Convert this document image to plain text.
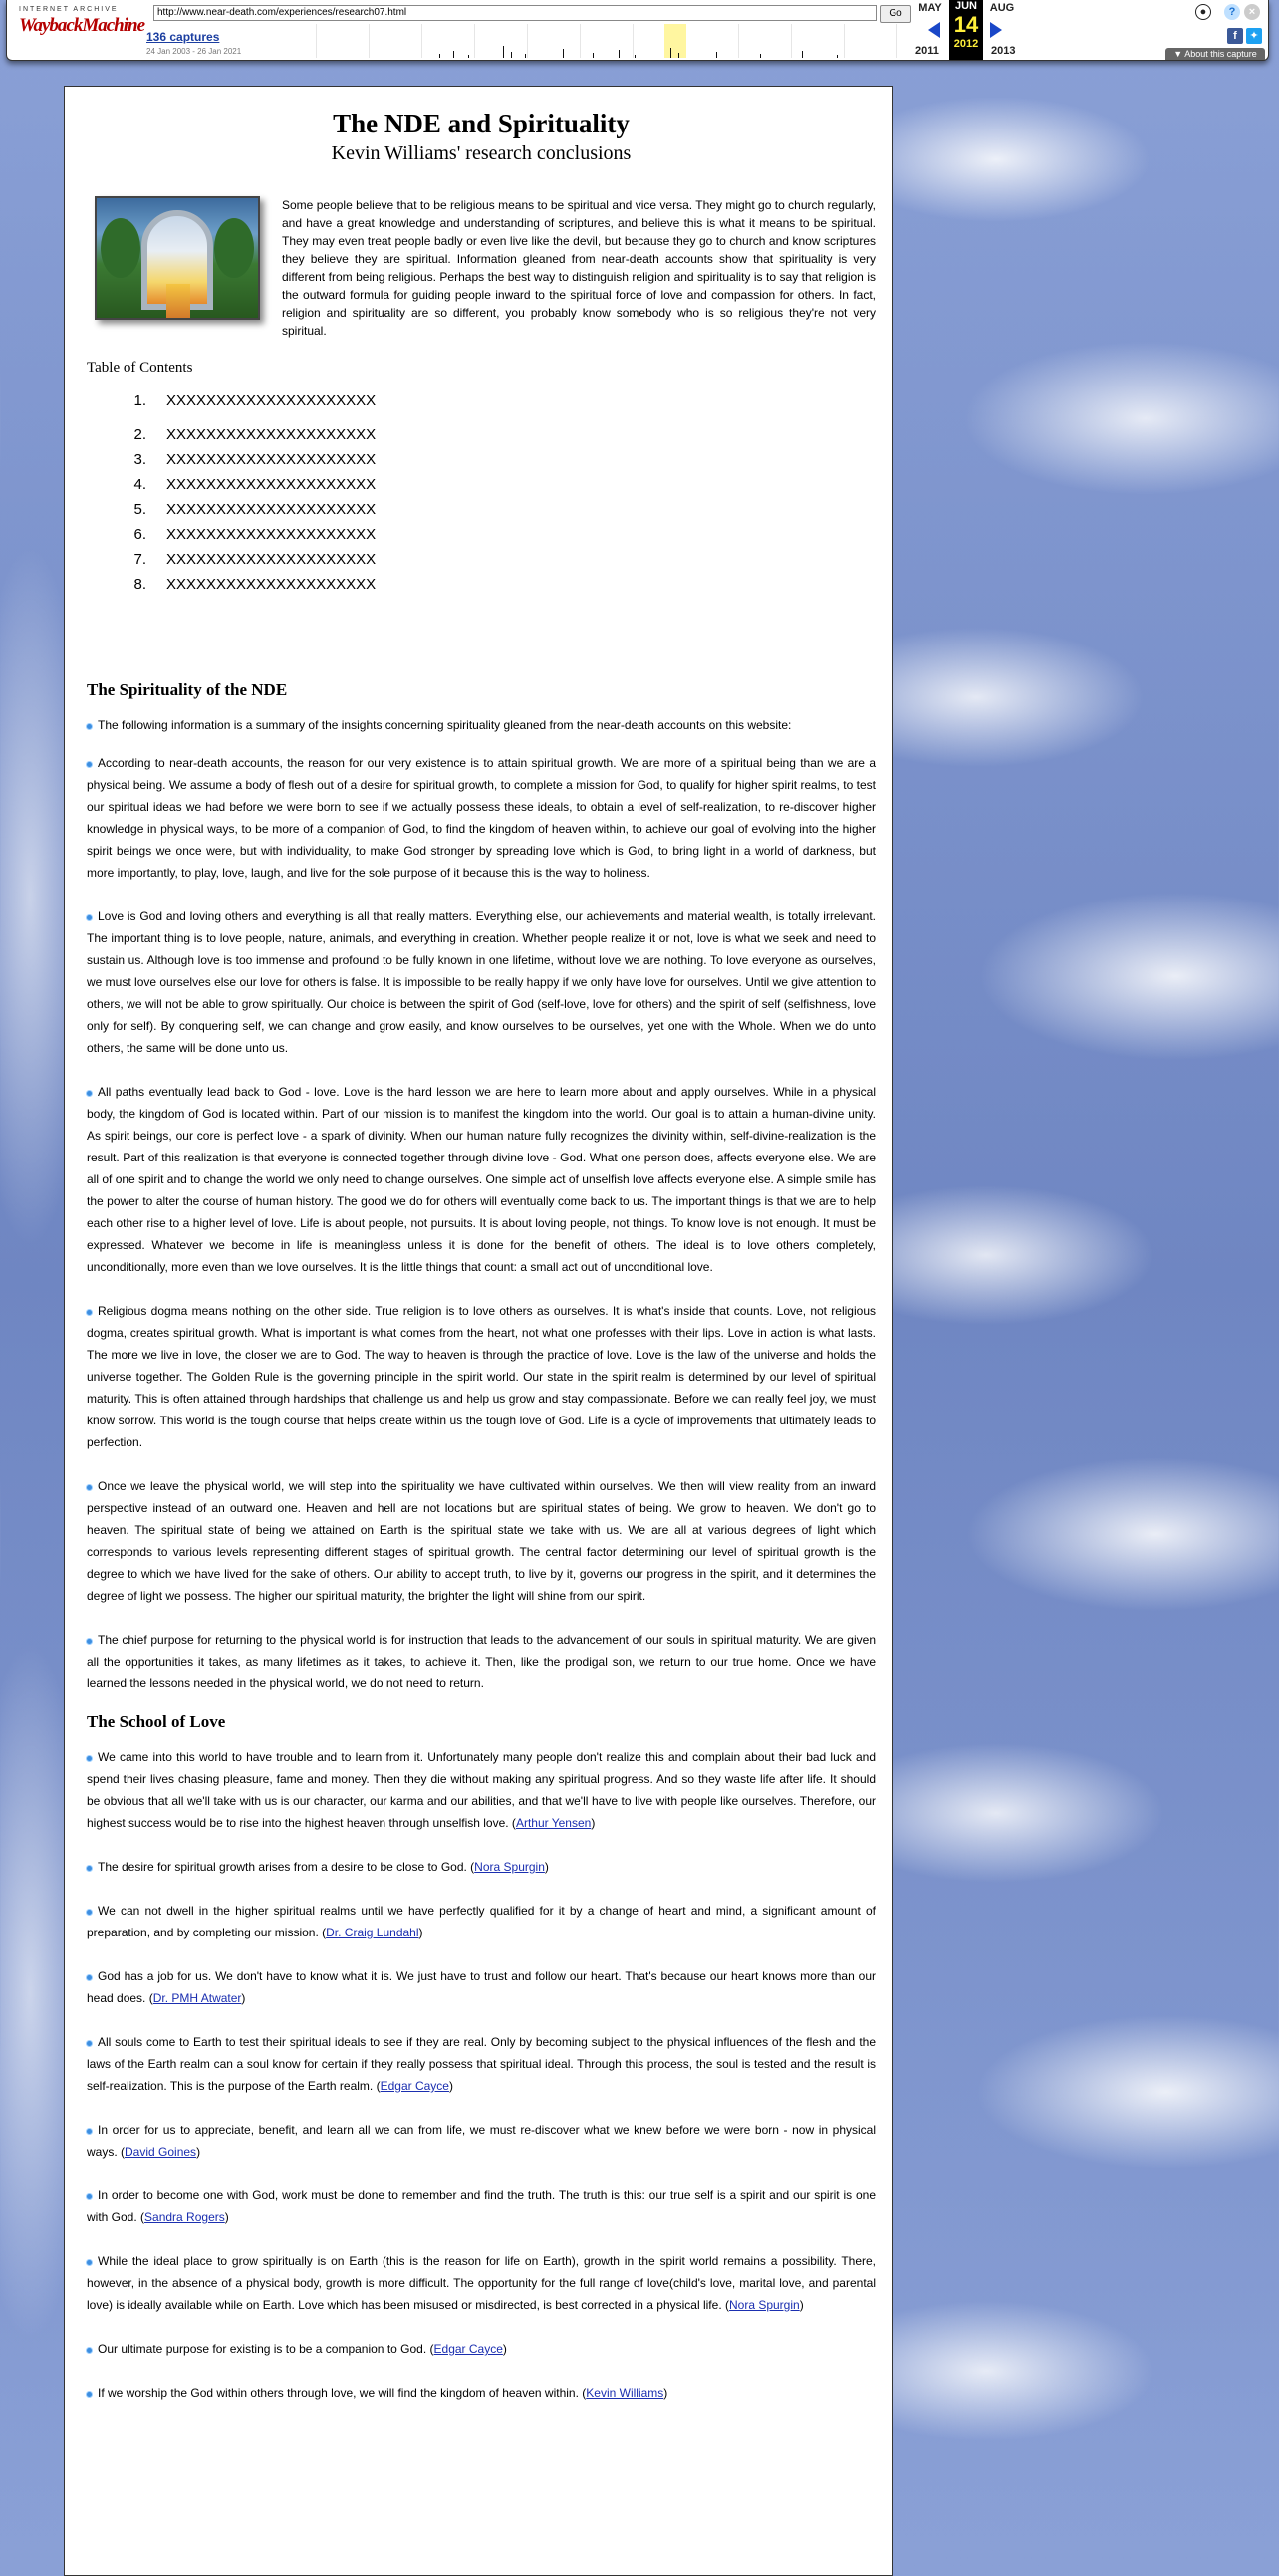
INTERNET ARCHIVE
WaybackMachine
http://www.near-death.com/experiences/research07.html	Go
136 captures
24 Jan 2003 - 26 Jan 2021
MAY	JUN
14
2012
AUG
2011	2013
●	?	×
f	✦
▼ About this capture
The NDE and Spirituality
Kevin Williams' research conclusions
Some people believe that to be religious means to be spiritual and vice versa. They might go to church regularly, and have a great knowledge and understanding of scriptures, and believe this is what it means to be spiritual. They may even treat people badly or even live like the devil, but because they go to church and know scriptures they believe they are spiritual. Information gleaned from near-death accounts show that spirituality is very different from being religious. Perhaps the best way to distinguish religion and spirituality is to say that religion is the outward formula for guiding people inward to the spiritual force of love and compassion for others. In fact, religion and spirituality are so different, you probably know somebody who is so religious they're not very spiritual.
Table of Contents
1.	XXXXXXXXXXXXXXXXXXXXX
2.	XXXXXXXXXXXXXXXXXXXXX
3.	XXXXXXXXXXXXXXXXXXXXX
4.	XXXXXXXXXXXXXXXXXXXXX
5.	XXXXXXXXXXXXXXXXXXXXX
6.	XXXXXXXXXXXXXXXXXXXXX
7.	XXXXXXXXXXXXXXXXXXXXX
8.	XXXXXXXXXXXXXXXXXXXXX
The Spirituality of the NDE
The following information is a summary of the insights concerning spirituality gleaned from the near-death accounts on this website:
According to near-death accounts, the reason for our very existence is to attain spiritual growth. We are more of a spiritual being than we are a physical being. We assume a body of flesh out of a desire for spiritual growth, to complete a mission for God, to qualify for higher spirit realms, to test our spiritual ideas we had before we were born to see if we actually possess these ideals, to obtain a level of self-realization, to re-discover higher knowledge in physical ways, to be more of a companion of God, to find the kingdom of heaven within, to achieve our goal of evolving into the higher spirit beings we once were, but with individuality, to make God stronger by spreading love which is God, to bring light in a world of darkness, but more importantly, to play, love, laugh, and live for the sole purpose of it because this is the way to holiness.
Love is God and loving others and everything is all that really matters. Everything else, our achievements and material wealth, is totally irrelevant. The important thing is to love people, nature, animals, and everything in creation. Whether people realize it or not, love is what we seek and need to sustain us. Although love is too immense and profound to be fully known in one lifetime, without love we are nothing. To love everyone as ourselves, we must love ourselves else our love for others is false. It is impossible to be really happy if we only have love for ourselves. Until we give attention to others, we will not be able to grow spiritually. Our choice is between the spirit of God (self-love, love for others) and the spirit of self (selfishness, love only for self). By conquering self, we can change and grow easily, and know ourselves to be ourselves, yet one with the Whole. When we do unto others, the same will be done unto us.
All paths eventually lead back to God - love. Love is the hard lesson we are here to learn more about and apply ourselves. While in a physical body, the kingdom of God is located within. Part of our mission is to manifest the kingdom into the world. Our goal is to attain a human-divine unity. As spirit beings, our core is perfect love - a spark of divinity. When our human nature fully recognizes the divinity within, self-divine-realization is the result. Part of this realization is that everyone is connected together through divine love - God. What one person does, affects everyone else. We are all of one spirit and to change the world we only need to change ourselves. One simple act of unselfish love affects everyone else. A simple smile has the power to alter the course of human history. The good we do for others will eventually come back to us. The important things is that we are to help each other rise to a higher level of love. Life is about people, not pursuits. It is about loving people, not things. To know love is not enough. It must be expressed. Whatever we become in life is meaningless unless it is done for the benefit of others. The ideal is to love others completely, unconditionally, more even than we love ourselves. It is the little things that count: a small act out of unconditional love.
Religious dogma means nothing on the other side. True religion is to love others as ourselves. It is what's inside that counts. Love, not religious dogma, creates spiritual growth. What is important is what comes from the heart, not what one professes with their lips. Love in action is what lasts. The more we live in love, the closer we are to God. The way to heaven is through the practice of love. Love is the law of the universe and holds the universe together. The Golden Rule is the governing principle in the spirit world. Our state in the spirit realm is determined by our level of spiritual maturity. This is often attained through hardships that challenge us and help us grow and stay compassionate. Before we can really feel joy, we must know sorrow. This world is the tough course that helps create within us the tough love of God. Life is a cycle of improvements that ultimately leads to perfection.
Once we leave the physical world, we will step into the spirituality we have cultivated within ourselves. We then will view reality from an inward perspective instead of an outward one. Heaven and hell are not locations but are spiritual states of being. We grow to heaven. We don't go to heaven. The spiritual state of being we attained on Earth is the spiritual state we take with us. We are all at various degrees of light which corresponds to various levels representing different stages of spiritual growth. The central factor determining our level of spiritual growth is the degree to which we have lived for the sake of others. Our ability to accept truth, to live by it, governs our progress in the spirit, and it determines the degree of light we possess. The higher our spiritual maturity, the brighter the light will shine from our spirit.
The chief purpose for returning to the physical world is for instruction that leads to the advancement of our souls in spiritual maturity. We are given all the opportunities it takes, as many lifetimes as it takes, to achieve it. Then, like the prodigal son, we return to our true home. Once we have learned the lessons needed in the physical world, we do not need to return.
The School of Love
We came into this world to have trouble and to learn from it. Unfortunately many people don't realize this and complain about their bad luck and spend their lives chasing pleasure, fame and money. Then they die without making any spiritual progress. And so they waste life after life. It should be obvious that all we'll take with us is our character, our karma and our abilities, and that we'll have to live with people like ourselves. Therefore, our highest success would be to rise into the highest heaven through unselfish love. (Arthur Yensen)
The desire for spiritual growth arises from a desire to be close to God. (Nora Spurgin)
We can not dwell in the higher spiritual realms until we have perfectly qualified for it by a change of heart and mind, a significant amount of preparation, and by completing our mission. (Dr. Craig Lundahl)
God has a job for us. We don't have to know what it is. We just have to trust and follow our heart. That's because our heart knows more than our head does. (Dr. PMH Atwater)
All souls come to Earth to test their spiritual ideals to see if they are real. Only by becoming subject to the physical influences of the flesh and the laws of the Earth realm can a soul know for certain if they really possess that spiritual ideal. Through this process, the soul is tested and the result is self-realization. This is the purpose of the Earth realm. (Edgar Cayce)
In order for us to appreciate, benefit, and learn all we can from life, we must re-discover what we knew before we were born - now in physical ways. (David Goines)
In order to become one with God, work must be done to remember and find the truth. The truth is this: our true self is a spirit and our spirit is one with God. (Sandra Rogers)
While the ideal place to grow spiritually is on Earth (this is the reason for life on Earth), growth in the spirit world remains a possibility. There, however, in the absence of a physical body, growth is more difficult. The opportunity for the full range of love(child's love, marital love, and parental love) is ideally available while on Earth. Love which has been misused or misdirected, is best corrected in a physical life. (Nora Spurgin)
Our ultimate purpose for existing is to be a companion to God. (Edgar Cayce)
If we worship the God within others through love, we will find the kingdom of heaven within. (Kevin Williams)
